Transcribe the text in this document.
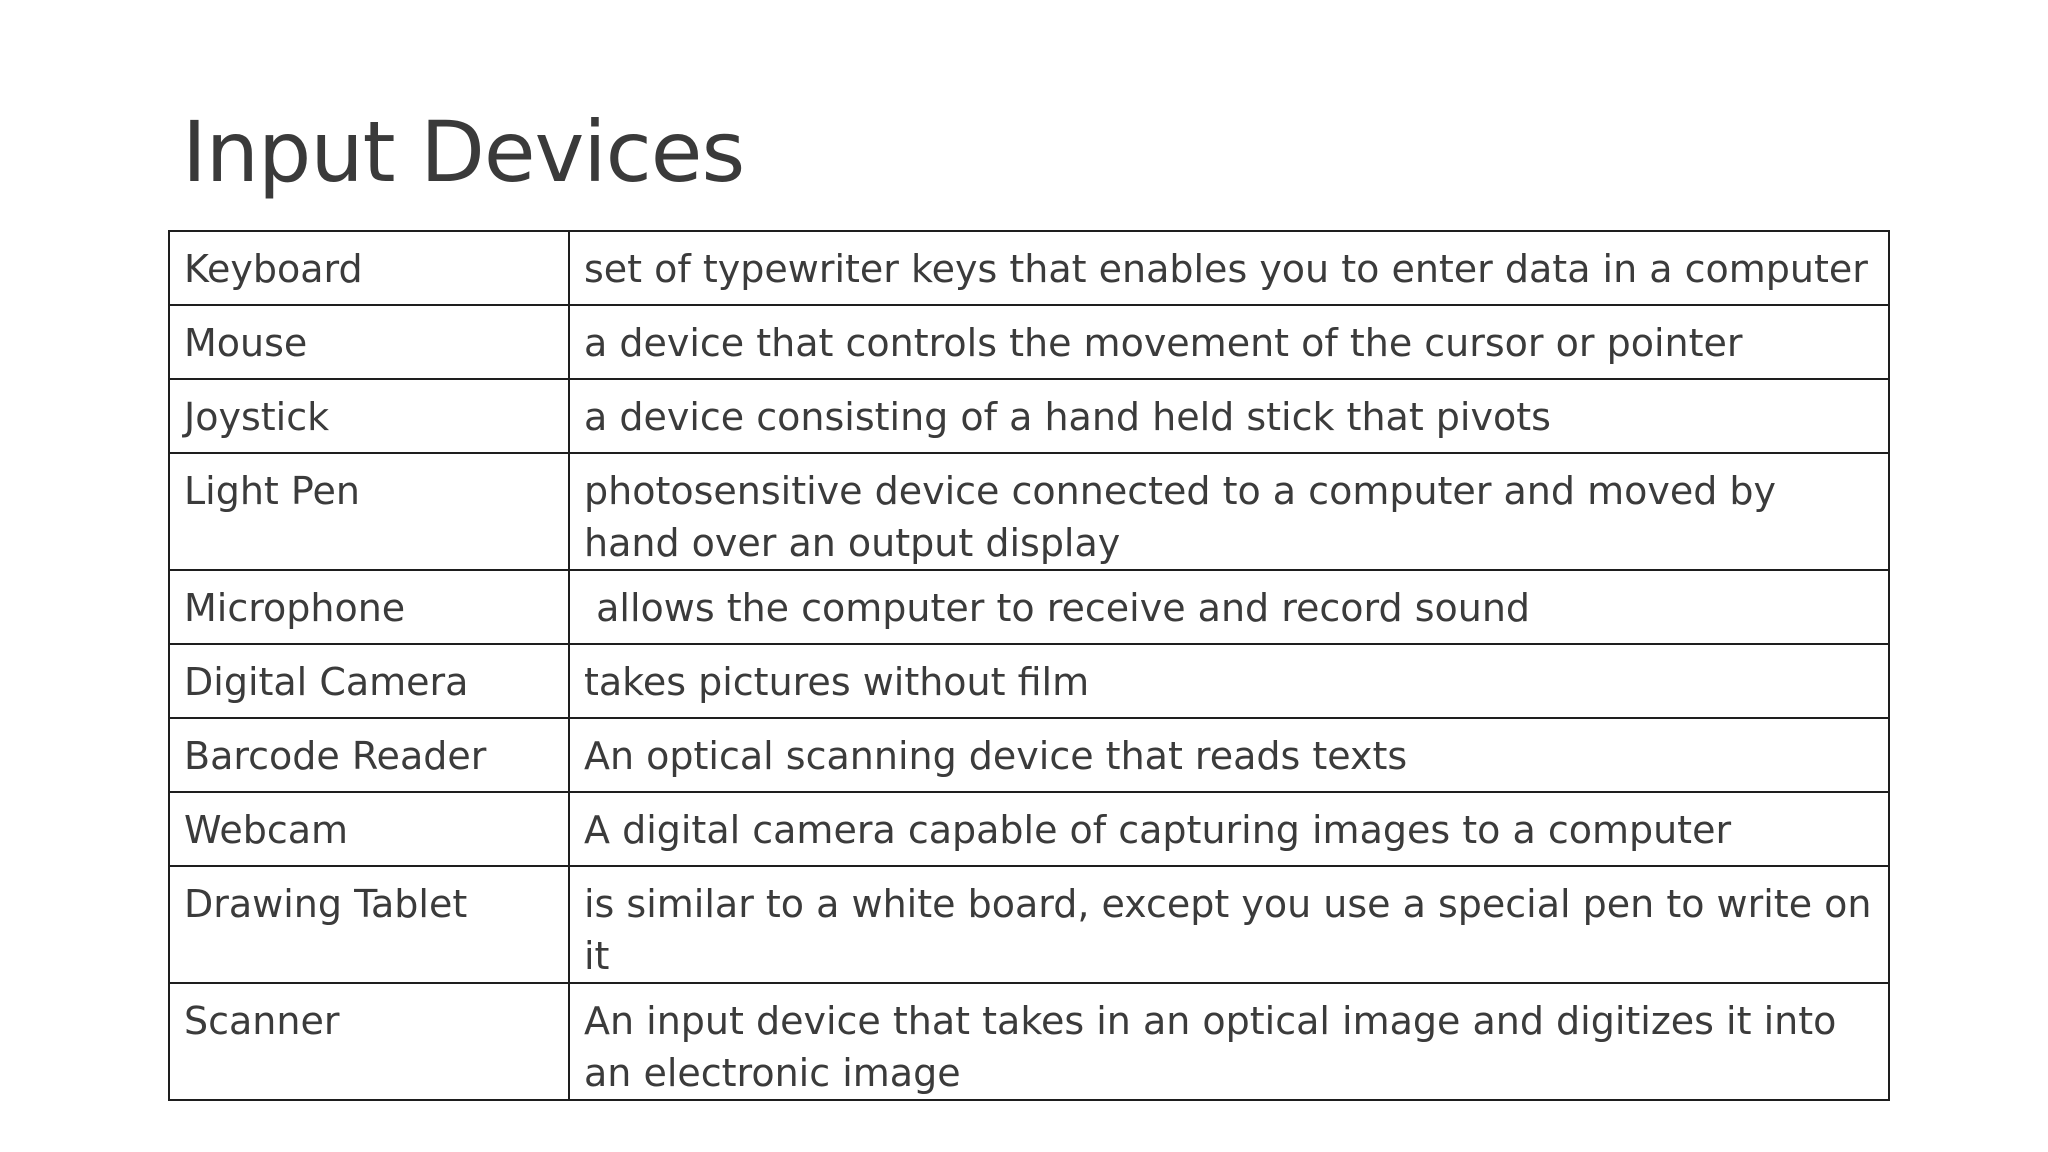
Input Devices
Keyboard	set of typewriter keys that enables you to enter data in a computer
Mouse	a device that controls the movement of the cursor or pointer
Joystick	a device consisting of a hand held stick that pivots
Light Pen	photosensitive device connected to a computer and moved by hand over an output display
Microphone	allows the computer to receive and record sound
Digital Camera	takes pictures without film
Barcode Reader	An optical scanning device that reads texts
Webcam	A digital camera capable of capturing images to a computer
Drawing Tablet	is similar to a white board, except you use a special pen to write on it
Scanner	An input device that takes in an optical image and digitizes it into an electronic image
